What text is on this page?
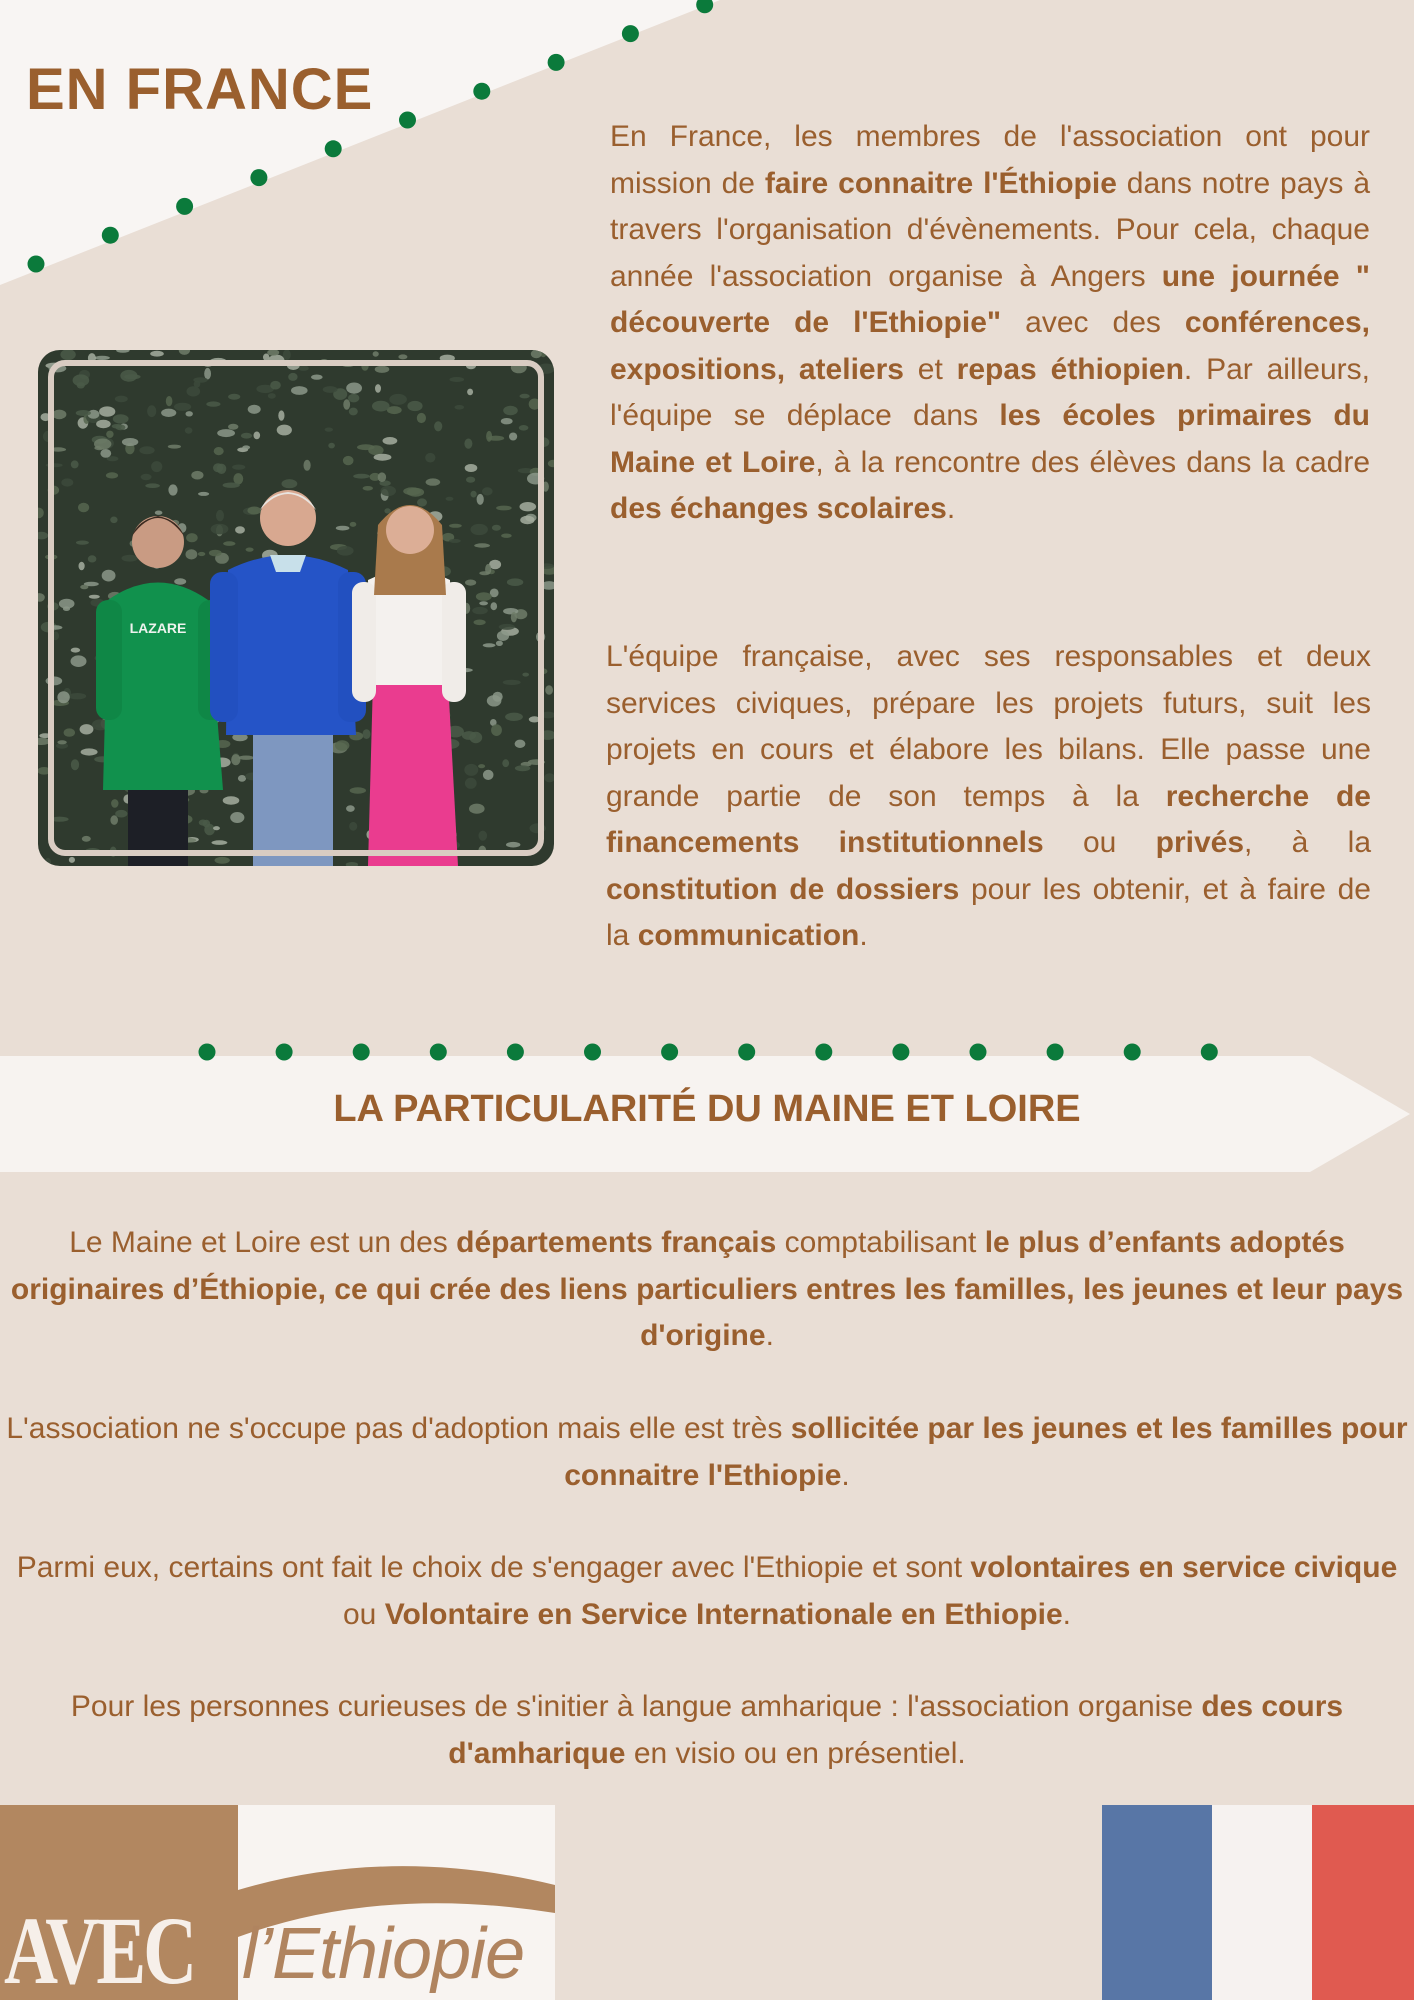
EN FRANCE
En France, les membres de l'association ont pour mission de faire connaitre l'Éthiopie dans notre pays à travers l'organisation d'évènements. Pour cela, chaque année l'association organise à Angers une journée " découverte de l'Ethiopie" avec des conférences, expositions, ateliers et repas éthiopien. Par ailleurs, l'équipe se déplace dans les écoles primaires du Maine et Loire, à la rencontre des élèves dans la cadre des échanges scolaires.
LAZARE
L'équipe française, avec ses responsables et deux services civiques, prépare les projets futurs, suit les projets en cours et élabore les bilans. Elle passe une grande partie de son temps à la recherche de financements institutionnels ou privés, à la constitution de dossiers pour les obtenir, et à faire de la communication.
LA PARTICULARITÉ DU MAINE ET LOIRE
Le Maine et Loire est un des départements français comptabilisant le plus d’enfants adoptés originaires d’Éthiopie, ce qui crée des liens particuliers entres les familles, les jeunes et leur pays d'origine.
L'association ne s'occupe pas d'adoption mais elle est très sollicitée par les jeunes et les familles pour connaitre l'Ethiopie.
Parmi eux, certains ont fait le choix de s'engager avec l'Ethiopie et sont volontaires en service civique ou Volontaire en Service Internationale en Ethiopie.
Pour les personnes curieuses de s'initier à langue amharique : l'association organise des cours d'amharique en visio ou en présentiel.
AVEC l’Ethiopie
